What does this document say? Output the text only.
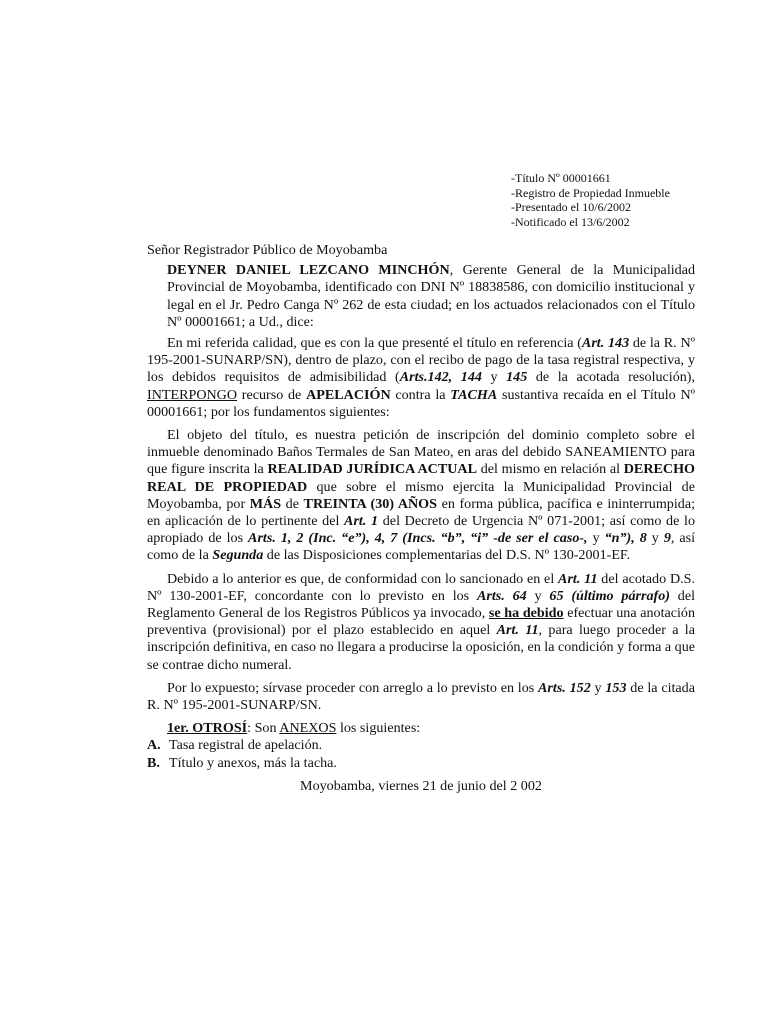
-Título Nº 00001661
-Registro de Propiedad Inmueble
-Presentado el 10/6/2002
-Notificado el 13/6/2002

Señor Registrador Público de Moyobamba

DEYNER DANIEL LEZCANO MINCHÓN, Gerente General de la Municipalidad Provincial de Moyobamba, identificado con DNI Nº 18838586, con domicilio institucional y legal en el Jr. Pedro Canga Nº 262 de esta ciudad; en los actuados relacionados con el Título Nº 00001661; a Ud., dice:

En mi referida calidad, que es con la que presenté el título en referencia (Art. 143 de la R. Nº 195-2001-SUNARP/SN), dentro de plazo, con el recibo de pago de la tasa registral respectiva, y los debidos requisitos de admisibilidad (Arts.142, 144 y 145 de la acotada resolución), INTERPONGO recurso de APELACIÓN contra la TACHA sustantiva recaída en el Título Nº 00001661; por los fundamentos siguientes:

El objeto del título, es nuestra petición de inscripción del dominio completo sobre el inmueble denominado Baños Termales de San Mateo, en aras del debido SANEAMIENTO para que figure inscrita la REALIDAD JURÍDICA ACTUAL del mismo en relación al DERECHO REAL DE PROPIEDAD que sobre el mismo ejercita la Municipalidad Provincial de Moyobamba, por MÁS de TREINTA (30) AÑOS en forma pública, pacífica e ininterrumpida; en aplicación de lo pertinente del Art. 1 del Decreto de Urgencia Nº 071-2001; así como de lo apropiado de los Arts. 1, 2 (Inc. “e”), 4, 7 (Incs. “b”, “i” -de ser el caso-, y “n”), 8 y 9, así como de la Segunda de las Disposiciones complementarias del D.S. Nº 130-2001-EF.

Debido a lo anterior es que, de conformidad con lo sancionado en el Art. 11 del acotado D.S. Nº 130-2001-EF, concordante con lo previsto en los Arts. 64 y 65 (último párrafo) del Reglamento General de los Registros Públicos ya invocado, se ha debido efectuar una anotación preventiva (provisional) por el plazo establecido en aquel Art. 11, para luego proceder a la inscripción definitiva, en caso no llegara a producirse la oposición, en la condición y forma a que se contrae dicho numeral.

Por lo expuesto; sírvase proceder con arreglo a lo previsto en los Arts. 152 y 153 de la citada R. Nº 195-2001-SUNARP/SN.

1er. OTROSÍ: Son ANEXOS los siguientes:

A. Tasa registral de apelación.
B. Título y anexos, más la tacha.

Moyobamba, viernes 21 de junio del 2 002
